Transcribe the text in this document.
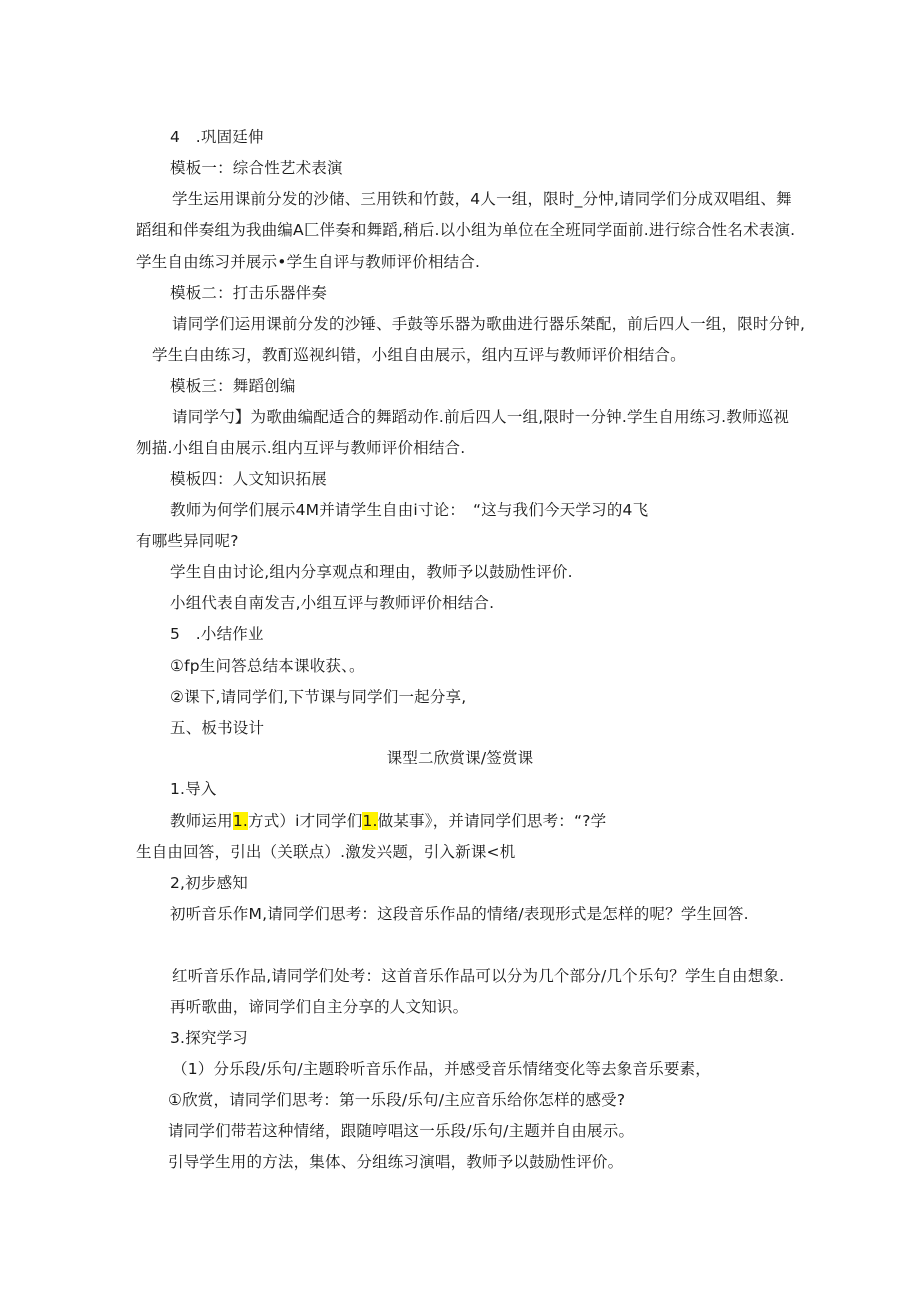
4　.巩固廷伸
模板一：综合性艺术表演
学生运用课前分发的沙储、三用铁和竹鼓，4人一组，限时_分忡,请同学们分成双唱组、舞
蹈组和伴奏组为我曲编A匚伴奏和舞蹈,稍后.以小组为单位在全班同学面前.进行综合性名术表演.
学生自由练习并展示•学生自评与教师评价相结合.
模板二：打击乐器伴奏
请同学们运用课前分发的沙锤、手鼓等乐器为歌曲进行器乐桀配，前后四人一组，限时分钟,
学生白由练习，教酊巡视纠错，小组自由展示，组内互评与教师评价相结合。
模板三：舞蹈创编
请同学勺】为歌曲编配适合的舞蹈动作.前后四人一组,限时一分钟.学生自用练习.教师巡视
刎描.小组自由展示.组内互评与教师评价相结合.
模板四：人文知识拓展
教师为何学们展示4M并请学生自由i寸论：　“这与我们今天学习的4飞
有哪些异同呢?
学生自由讨论,组内分享观点和理由，教师予以鼓励性评价.
小组代表自南发吉,小组互评与教师评价相结合.
5　.小结作业
①fp生问答总结本课收获、。
②课下,请同学们,下节课与同学们一起分享,
五、板书设计
课型二欣赏课/签赏课
1.导入
教师运用1.方式）i才同学们1.做某事》，并请同学们思考：“?学
生自由回答，引出（关联点）.激发兴题，引入新课<机
2,初步感知
初听音乐作M,请同学们思考：这段音乐作品的情绪/表现形式是怎样的呢？学生回答.
红听音乐作品,请同学们处考：这首音乐作品可以分为几个部分/几个乐句？学生自由想象.
再听歌曲，谛同学们自主分享的人文知识。
3.探究学习
（1）分乐段/乐句/主题聆听音乐作品，并感受音乐情绪变化等去象音乐要素，
①欣赏，请同学们思考：第一乐段/乐句/主应音乐给你怎样的感受?
请同学们带若这种情绪，跟随哼唱这一乐段/乐句/主题并自由展示。
引导学生用的方法，集体、分组练习演唱，教师予以鼓励性评价。
